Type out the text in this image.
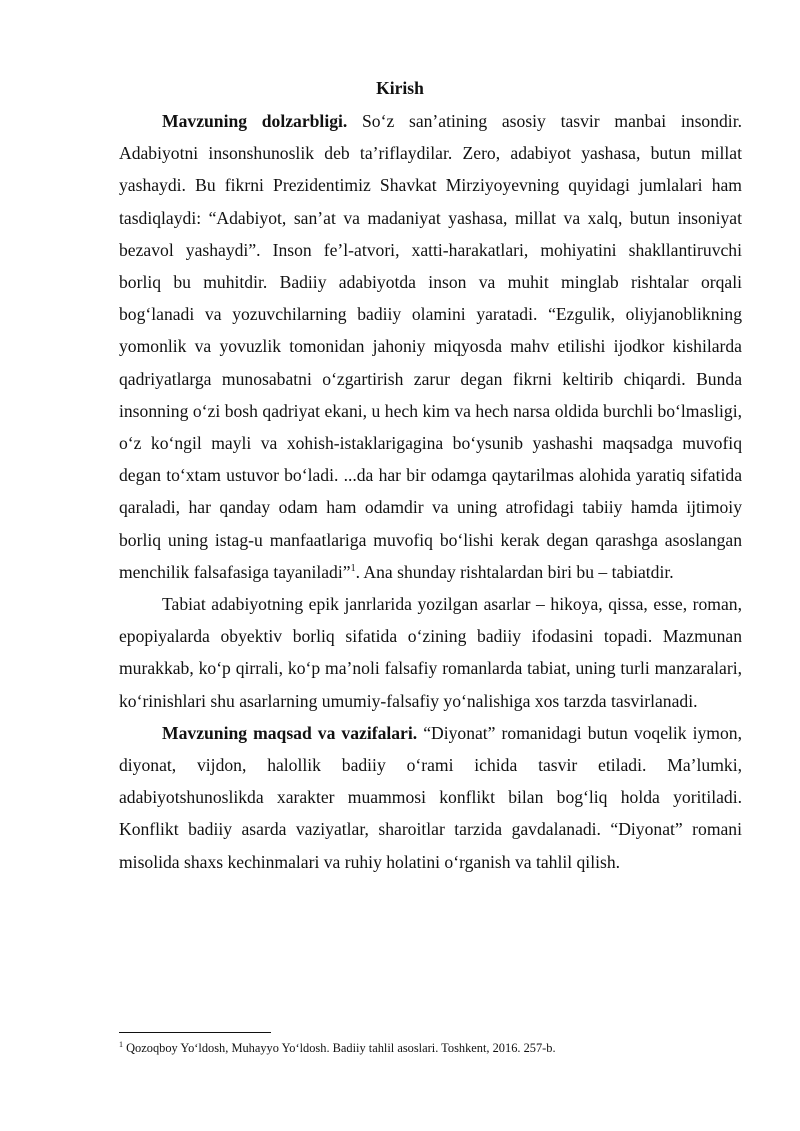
Kirish

Mavzuning dolzarbligi. So‘z san’atining asosiy tasvir manbai insondir. Adabiyotni insonshunoslik deb ta’riflaydilar. Zero, adabiyot yashasa, butun millat yashaydi. Bu fikrni Prezidentimiz Shavkat Mirziyoyevning quyidagi jumlalari ham tasdiqlaydi: “Adabiyot, san’at va madaniyat yashasa, millat va xalq, butun insoniyat bezavol yashaydi”. Inson fe’l-atvori, xatti-harakatlari, mohiyatini shakllantiruvchi borliq bu muhitdir. Badiiy adabiyotda inson va muhit minglab rishtalar orqali bog‘lanadi va yozuvchilarning badiiy olamini yaratadi. “Ezgulik, oliyjanoblikning yomonlik va yovuzlik tomonidan jahoniy miqyosda mahv etilishi ijodkor kishilarda qadriyatlarga munosabatni o‘zgartirish zarur degan fikrni keltirib chiqardi. Bunda insonning o‘zi bosh qadriyat ekani, u hech kim va hech narsa oldida burchli bo‘lmasligi, o‘z ko‘ngil mayli va xohish-istaklarigagina bo‘ysunib yashashi maqsadga muvofiq degan to‘xtam ustuvor bo‘ladi. ...da har bir odamga qaytarilmas alohida yaratiq sifatida qaraladi, har qanday odam ham odamdir va uning atrofidagi tabiiy hamda ijtimoiy borliq uning istag-u manfaatlariga muvofiq bo‘lishi kerak degan qarashga asoslangan menchilik falsafasiga tayaniladi”$^1$. Ana shunday rishtalardan biri bu – tabiatdir.

Tabiat adabiyotning epik janrlarida yozilgan asarlar – hikoya, qissa, esse, roman, epopiyalarda obyektiv borliq sifatida o‘zining badiiy ifodasini topadi. Mazmunan murakkab, ko‘p qirrali, ko‘p ma’noli falsafiy romanlarda tabiat, uning turli manzaralari, ko‘rinishlari shu asarlarning umumiy-falsafiy yo‘nalishiga xos tarzda tasvirlanadi.

Mavzuning maqsad va vazifalari. “Diyonat” romanidagi butun voqelik iymon, diyonat, vijdon, halollik badiiy o‘rami ichida tasvir etiladi. Ma’lumki, adabiyotshunoslikda xarakter muammosi konflikt bilan bog‘liq holda yoritiladi. Konflikt badiiy asarda vaziyatlar, sharoitlar tarzida gavdalanadi. “Diyonat” romani misolida shaxs kechinmalari va ruhiy holatini o‘rganish va tahlil qilish.

$^1$ Qozoqboy Yo‘ldosh, Muhayyo Yo‘ldosh. Badiiy tahlil asoslari. Toshkent, 2016. 257-b.
